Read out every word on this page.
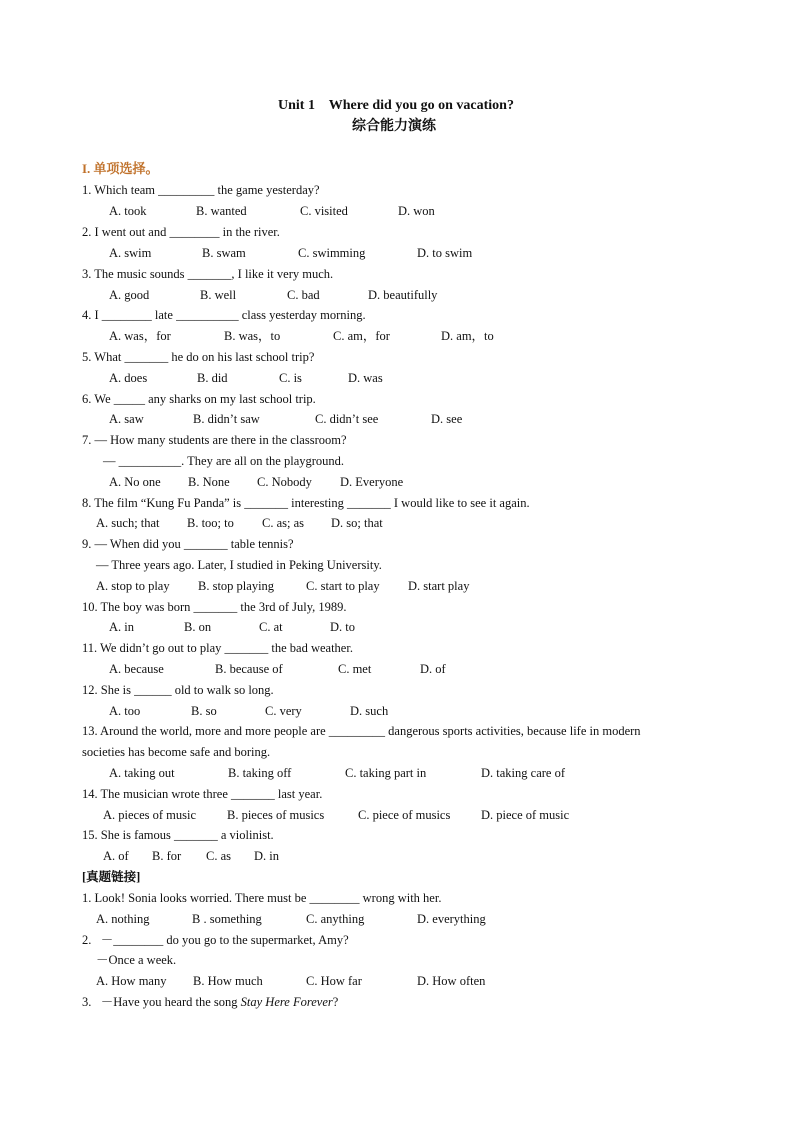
Unit 1    Where did you go on vacation?
综合能力演练
I. 单项选择。
1. Which team _________ the game yesterday?
A. took	B. wanted	C. visited	D. won
2. I went out and ________ in the river.
A. swim	B. swam	C. swimming	D. to swim
3. The music sounds _______, I like it very much.
A. good	B. well	C. bad	D. beautifully
4. I ________ late __________ class yesterday morning.
A. was，for	B. was，to	C. am，for	D. am，to
5. What _______ he do on his last school trip?
A. does	B. did	C. is	D. was
6. We _____ any sharks on my last school trip.
A. saw	B. didn’t saw	C. didn’t see	D. see
7. — How many students are there in the classroom?
— __________. They are all on the playground.
A. No one B. None C. Nobody D. Everyone
8. The film “Kung Fu Panda” is _______ interesting _______ I would like to see it again.
A. such; that B. too; to C. as; as D. so; that
9. — When did you _______ table tennis?
— Three years ago. Later, I studied in Peking University.
A. stop to play B. stop playing	C. start to play D. start play
10. The boy was born _______ the 3rd of July, 1989.
A. in	B. on	C. at	D. to
11. We didn’t go out to play _______ the bad weather.
A. because	B. because of	C. met	D. of
12. She is ______ old to walk so long.
A. too	B. so	C. very	D. such
13. Around the world, more and more people are _________ dangerous sports activities, because life in modern
societies has become safe and boring.
A. taking out	B. taking off	C. taking part in	D. taking care of
14. The musician wrote three _______ last year.
A. pieces of music B. pieces of musics	C. piece of musics D. piece of music
15. She is famous _______ a violinist.
A. of B. for C. as D. in
[真题链接]
1. Look! Sonia looks worried. There must be ________ wrong with her.
A. nothing	B . something	C. anything	D. everything
2.   －________ do you go to the supermarket, Amy?
－Once a week.
A. How many B. How much	C. How far	D. How often
3.   －Have you heard the song Stay Here Forever?
